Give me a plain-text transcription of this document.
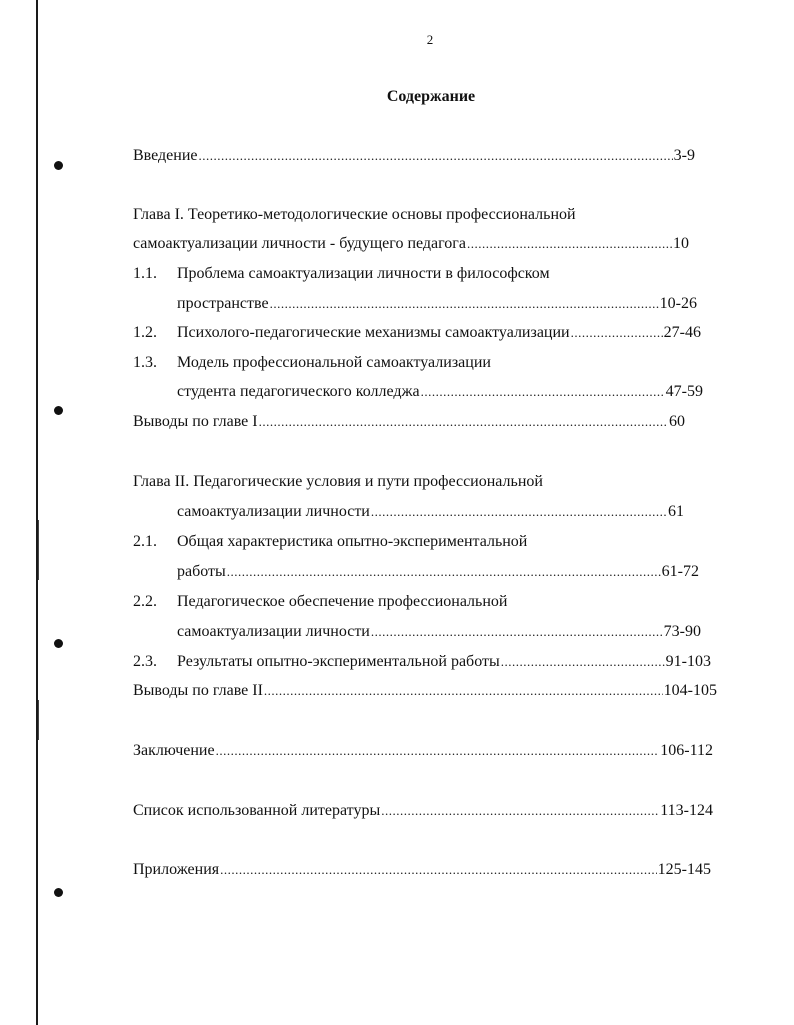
2
Содержание
Введение .....	3-9
Глава I. Теоретико-методологические основы профессиональной
самоактуализации личности - будущего педагога .....	10
1.1. Проблема самоактуализации личности в философском
пространстве .....	10-26
1.2.	Психолого-педагогические механизмы самоактуализации .....	27-46
1.3. Модель профессиональной самоактуализации
студента педагогического колледжа .....	47-59
Выводы по главе I .....	60
Глава II. Педагогические условия и пути профессиональной
самоактуализации личности .....	61
2.1. Общая характеристика опытно-экспериментальной
работы .....	61-72
2.2. Педагогическое обеспечение профессиональной
самоактуализации личности .....	73-90
2.3.	Результаты опытно-экспериментальной работы .....	91-103
Выводы по главе II .....	104-105
Заключение .....	106-112
Список использованной литературы .....	113-124
Приложения .....	125-145
